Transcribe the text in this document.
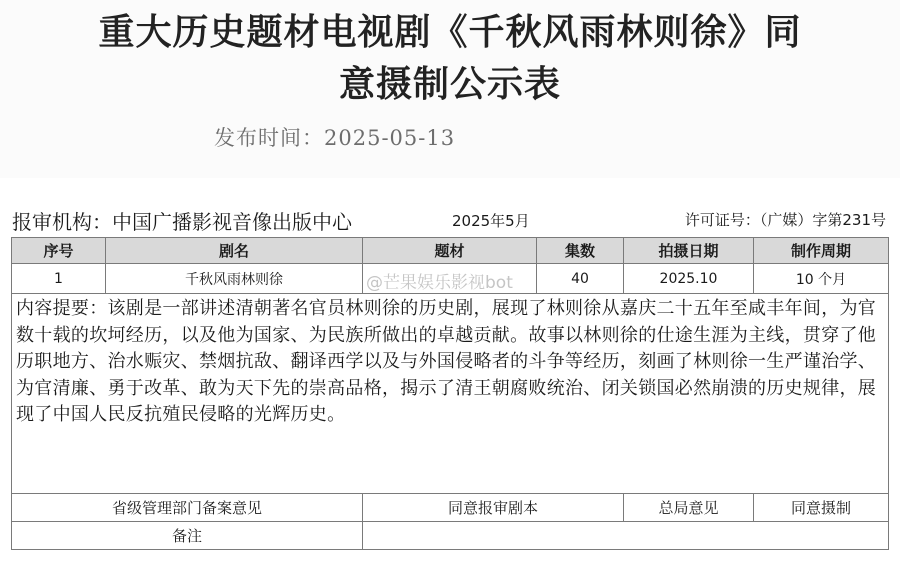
重大历史题材电视剧《千秋风雨林则徐》同
意摄制公示表
发布时间：2025-05-13
报审机构：中国广播影视音像出版中心	2025年5月	许可证号：（广媒）字第231号
序号	剧名	题材	集数	拍摄日期	制作周期
1	千秋风雨林则徐		40	2025.10	10 个月
内容提要：该剧是一部讲述清朝著名官员林则徐的历史剧，展现了林则徐从嘉庆二十五年至咸丰年间，为官数十载的坎坷经历，以及他为国家、为民族所做出的卓越贡献。故事以林则徐的仕途生涯为主线，贯穿了他历职地方、治水赈灾、禁烟抗敌、翻译西学以及与外国侵略者的斗争等经历，刻画了林则徐一生严谨治学、为官清廉、勇于改革、敢为天下先的崇高品格，揭示了清王朝腐败统治、闭关锁国必然崩溃的历史规律，展现了中国人民反抗殖民侵略的光辉历史。					
省级管理部门备案意见		同意报审剧本		总局意见	同意摄制
备注					
@芒果娱乐影视bot
